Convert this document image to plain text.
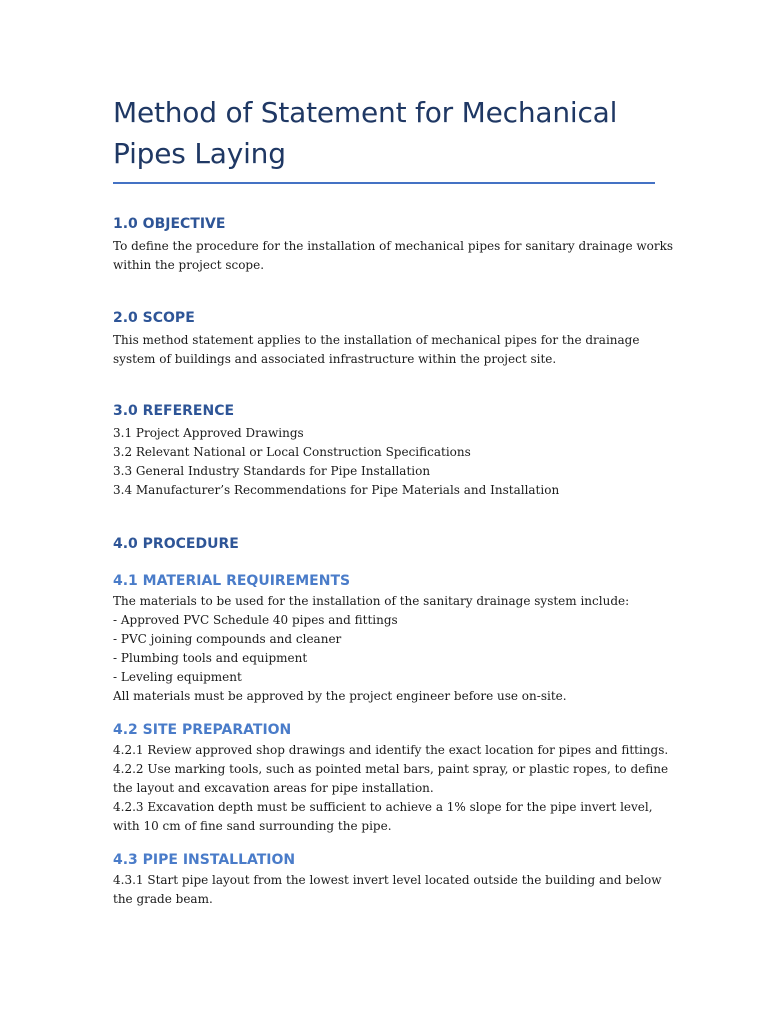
Method of Statement for Mechanical
Pipes Laying
1.0 OBJECTIVE

To define the procedure for the installation of mechanical pipes for sanitary drainage works
within the project scope.

2.0 SCOPE

This method statement applies to the installation of mechanical pipes for the drainage
system of buildings and associated infrastructure within the project site.

3.0 REFERENCE

3.1 Project Approved Drawings
3.2 Relevant National or Local Construction Specifications
3.3 General Industry Standards for Pipe Installation
3.4 Manufacturer’s Recommendations for Pipe Materials and Installation

4.0 PROCEDURE
4.1 MATERIAL REQUIREMENTS

The materials to be used for the installation of the sanitary drainage system include:
- Approved PVC Schedule 40 pipes and fittings
- PVC joining compounds and cleaner
- Plumbing tools and equipment
- Leveling equipment
All materials must be approved by the project engineer before use on-site.

4.2 SITE PREPARATION

4.2.1 Review approved shop drawings and identify the exact location for pipes and fittings.
4.2.2 Use marking tools, such as pointed metal bars, paint spray, or plastic ropes, to define
the layout and excavation areas for pipe installation.
4.2.3 Excavation depth must be sufficient to achieve a 1% slope for the pipe invert level,
with 10 cm of fine sand surrounding the pipe.

4.3 PIPE INSTALLATION

4.3.1 Start pipe layout from the lowest invert level located outside the building and below
the grade beam.
